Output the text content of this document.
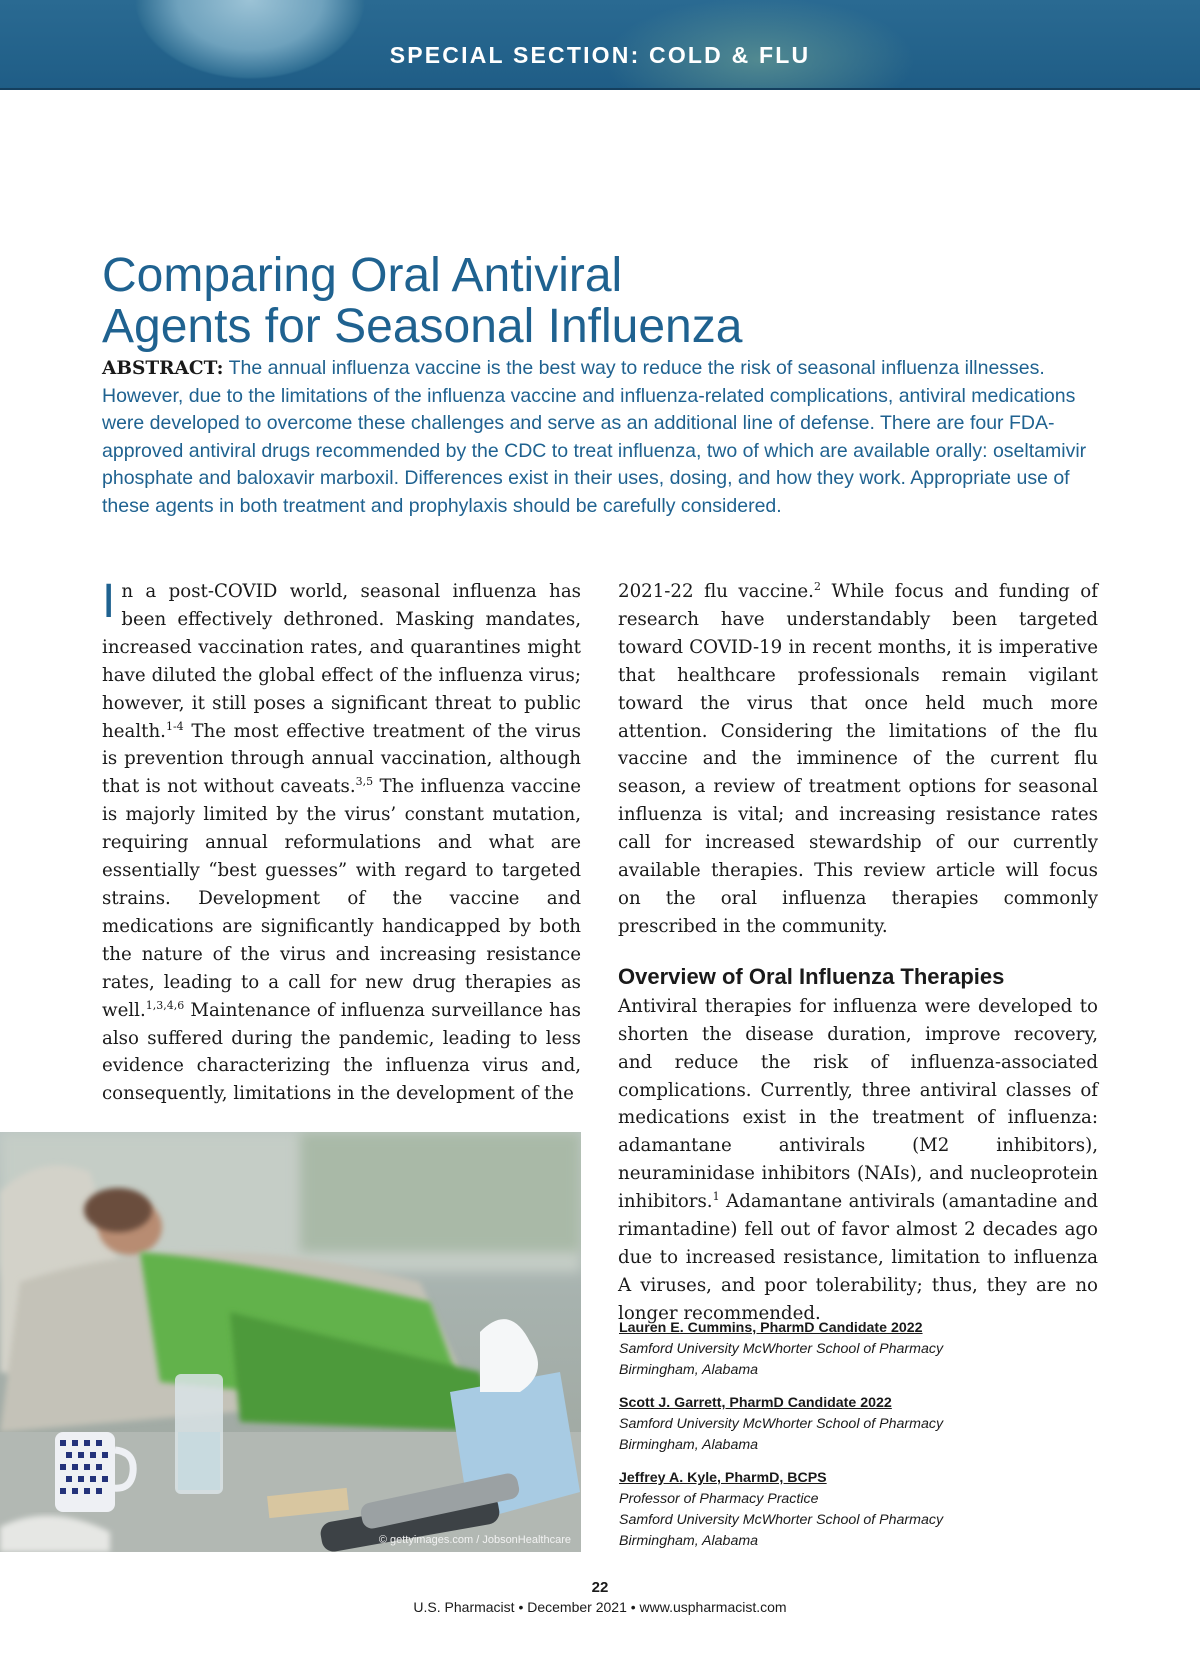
SPECIAL SECTION: COLD & FLU
Comparing Oral Antiviral
Agents for Seasonal Influenza
ABSTRACT: The annual influenza vaccine is the best way to reduce the risk of seasonal influenza illnesses. However, due to the limitations of the influenza vaccine and influenza-related complications, antiviral medications were developed to overcome these challenges and serve as an additional line of defense. There are four FDA-approved antiviral drugs recommended by the CDC to treat influenza, two of which are available orally: oseltamivir phosphate and baloxavir marboxil. Differences exist in their uses, dosing, and how they work. Appropriate use of these agents in both treatment and prophylaxis should be carefully considered.

In a post-COVID world, seasonal influenza has been effectively dethroned. Masking mandates, increased vaccination rates, and quarantines might have diluted the global effect of the influenza virus; however, it still poses a significant threat to public health.$^{1-4}$ The most effective treatment of the virus is prevention through annual vaccination, although that is not without caveats.$^{3,5}$ The influenza vaccine is majorly limited by the virus’ constant mutation, requiring annual reformulations and what are essentially “best guesses” with regard to targeted strains. Development of the vaccine and medications are significantly handicapped by both the nature of the virus and increasing resistance rates, leading to a call for new drug therapies as well.$^{1,3,4,6}$ Maintenance of influenza surveillance has also suffered during the pandemic, leading to less evidence characterizing the influenza virus and, consequently, limitations in the development of the

2021-22 flu vaccine.$^2$ While focus and funding of research have understandably been targeted toward COVID-19 in recent months, it is imperative that healthcare professionals remain vigilant toward the virus that once held much more attention. Considering the limitations of the flu vaccine and the imminence of the current flu season, a review of treatment options for seasonal influenza is vital; and increasing resistance rates call for increased stewardship of our currently available therapies. This review article will focus on the oral influenza therapies commonly prescribed in the community.

Overview of Oral Influenza Therapies

Antiviral therapies for influenza were developed to shorten the disease duration, improve recovery, and reduce the risk of influenza-associated complications. Currently, three antiviral classes of medications exist in the treatment of influenza: adamantane antivirals (M2 inhibitors), neuraminidase inhibitors (NAIs), and nucleoprotein inhibitors.$^1$ Adamantane antivirals (amantadine and rimantadine) fell out of favor almost 2 decades ago due to increased resistance, limitation to influenza A viruses, and poor tolerability; thus, they are no longer recommended.

© gettyimages.com / JobsonHealthcare
Lauren E. Cummins, PharmD Candidate 2022
Samford University McWhorter School of Pharmacy
Birmingham, Alabama
Scott J. Garrett, PharmD Candidate 2022
Samford University McWhorter School of Pharmacy
Birmingham, Alabama
Jeffrey A. Kyle, PharmD, BCPS
Professor of Pharmacy Practice
Samford University McWhorter School of Pharmacy
Birmingham, Alabama
22
U.S. Pharmacist • December 2021 • www.uspharmacist.com
